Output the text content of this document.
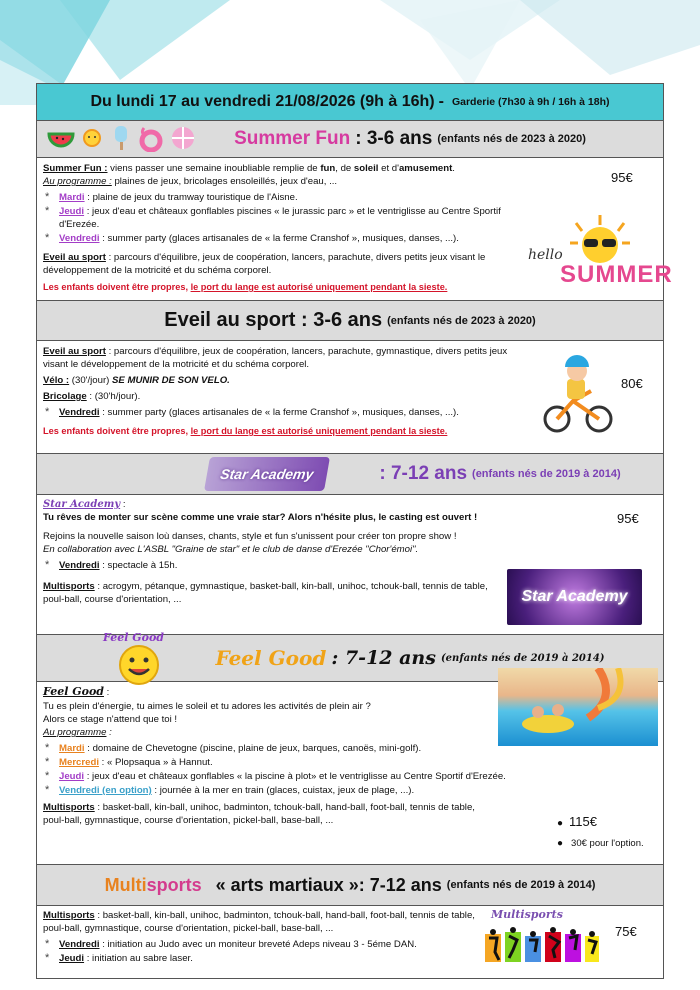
Du lundi 17 au vendredi 21/08/2026 (9h à 16h) - Garderie (7h30 à 9h / 16h à 18h)
Summer Fun : 3-6 ans (enfants nés de 2023 à 2020)

Summer Fun : viens passer une semaine inoubliable remplie de fun, de soleil et d'amusement.
Au programme : plaines de jeux, bricolages ensoleillés, jeux d'eau, ...

* Mardi : plaine de jeux du tramway touristique de l'Aisne.
* Jeudi : jeux d'eau et châteaux gonflables piscines « le jurassic parc » et le ventriglisse au Centre Sportif d'Erezée.
* Vendredi : summer party (glaces artisanales de « la ferme Cranshof », musiques, danses, ...).

Eveil au sport : parcours d'équilibre, jeux de coopération, lancers, parachute, divers petits jeux visant le développement de la motricité et du schéma corporel.

Les enfants doivent être propres, le port du lange est autorisé uniquement pendant la sieste.

95€
hello
SUMMER
Eveil au sport : 3-6 ans (enfants nés de 2023 à 2020)

Eveil au sport : parcours d'équilibre, jeux de coopération, lancers, parachute, gymnastique, divers petits jeux visant le développement de la motricité et du schéma corporel.

Vélo : (30'/jour) SE MUNIR DE SON VELO.

Bricolage : (30'h/jour).

* Vendredi : summer party (glaces artisanales de « la ferme Cranshof », musiques, danses, ...).

Les enfants doivent être propres, le port du lange est autorisé uniquement pendant la sieste.

80€
Star Academy	: 7-12 ans (enfants nés de 2019 à 2014)

Star Academy :
Tu rêves de monter sur scène comme une vraie star? Alors n'hésite plus, le casting est ouvert !

Rejoins la nouvelle saison loù danses, chants, style et fun s'unissent pour créer ton propre show !
En collaboration avec L'ASBL "Graine de star" et le club de danse d'Erezée "Chor'émoi".

* Vendredi : spectacle à 15h.

Multisports : acrogym, pétanque, gymnastique, basket-ball, kin-ball, unihoc, tchouk-ball, tennis de table, poul-ball, course d'orientation, ...

95€
Star Academy
Feel Good
Feel Good : 7-12 ans (enfants nés de 2019 à 2014)

Feel Good :

Tu es plein d'énergie, tu aimes le soleil et tu adores les activités de plein air ?
Alors ce stage n'attend que toi !
Au programme :

* Mardi : domaine de Chevetogne (piscine, plaine de jeux, barques, canoës, mini-golf).
* Mercredi : « Plopsaqua » à Hannut.
* Jeudi : jeux d'eau et châteaux gonflables « la piscine à plot» et le ventriglisse au Centre Sportif d'Erezée.
* Vendredi (en option) : journée à la mer en train (glaces, cuistax, jeux de plage, ...).

Multisports : basket-ball, kin-ball, unihoc, badminton, tchouk-ball, hand-ball, foot-ball, tennis de table, poul-ball, gymnastique, course d'orientation, pickel-ball, base-ball, ...	● 115€
● 30€ pour l'option.
Multi sports « arts martiaux »: 7-12 ans (enfants nés de 2019 à 2014)

Multisports : basket-ball, kin-ball, unihoc, badminton, tchouk-ball, hand-ball, foot-ball, tennis de table, poul-ball, gymnastique, course d'orientation, pickel-ball, base-ball, ...

* Vendredi : initiation au Judo avec un moniteur breveté Adeps niveau 3 - 5éme DAN.
* Jeudi : initiation au sabre laser.
Multisports
75€
